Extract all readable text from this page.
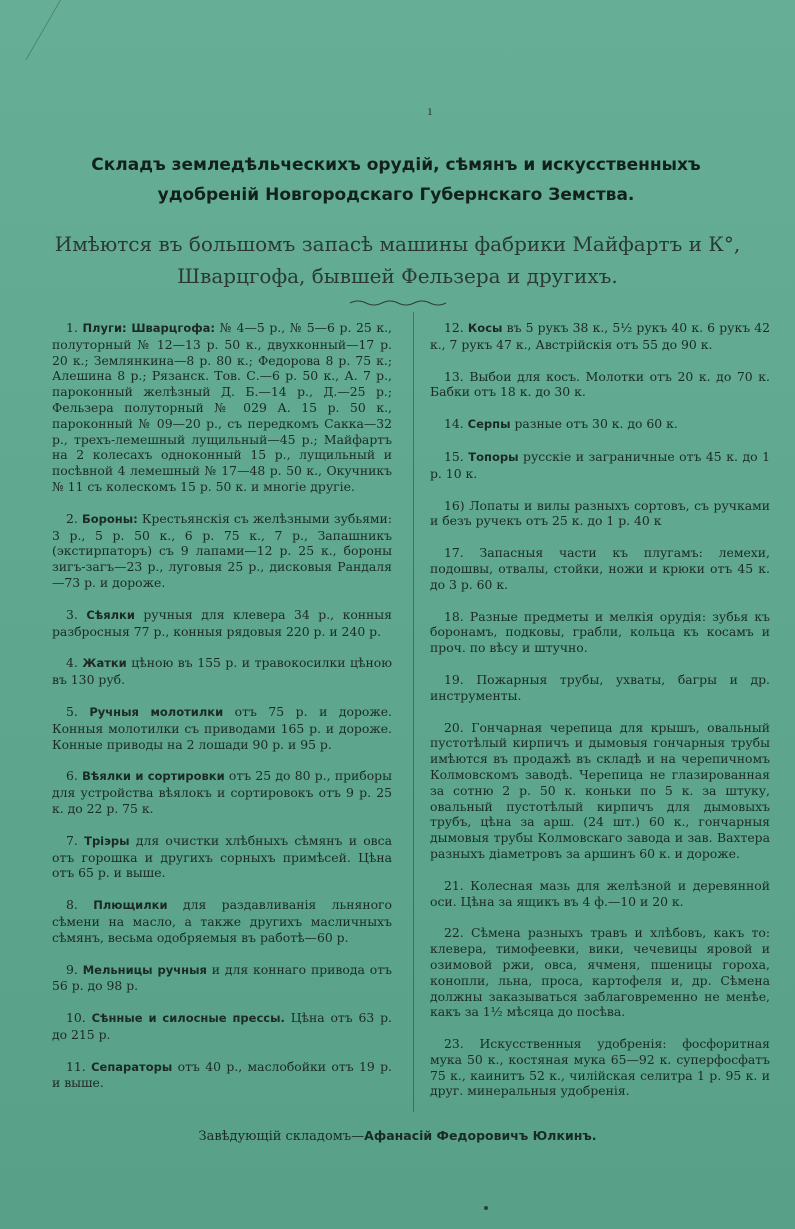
ı
Складъ земледѣльческихъ орудій, сѣмянъ и искусственныхъ удобреній Новгородскаго Губернскаго Земства.

Имѣются въ большомъ запасѣ машины фабрики Майфартъ и К°, Шварцгофа, бывшей Фельзера и другихъ.

1. Плуги: Шварцгофа: № 4—5 р., № 5—6 р. 25 к., полуторный № 12—13 р. 50 к., двухконный—17 р. 20 к.; Землянкина—8 р. 80 к.; Федорова 8 р. 75 к.; Алешина 8 р.; Рязанск. Тов. С.—6 р. 50 к., А. 7 р., пароконный желѣзный Д. Б.—14 р., Д.—25 р.; Фельзера полуторный № 029 А. 15 р. 50 к., пароконный № 09—20 р., съ передкомъ Сакка—32 р., трехъ-лемешный лущильный—45 р.; Майфартъ на 2 колесахъ одноконный 15 р., лущильный и посѣвной 4 лемешный № 17—48 р. 50 к., Окучникъ № 11 съ колескомъ 15 р. 50 к. и многіе другіе.

2. Бороны: Крестьянскія съ желѣзными зубьями: 3 р., 5 р. 50 к., 6 р. 75 к., 7 р., Запашникъ (экстирпаторъ) съ 9 лапами—12 р. 25 к., бороны зигъ-загъ—23 р., луговыя 25 р., дисковыя Рандаля—73 р. и дороже.

3. Сѣялки ручныя для клевера 34 р., конныя разбросныя 77 р., конныя рядовыя 220 р. и 240 р.

4. Жатки цѣною въ 155 р. и травокосилки цѣною въ 130 руб.

5. Ручныя молотилки отъ 75 р. и дороже. Конныя молотилки съ приводами 165 р. и дороже. Конные приводы на 2 лошади 90 р. и 95 р.

6. Вѣялки и сортировки отъ 25 до 80 р., приборы для устройства вѣялокъ и сортировокъ отъ 9 р. 25 к. до 22 р. 75 к.

7. Тріэры для очистки хлѣбныхъ сѣмянъ и овса отъ горошка и другихъ сорныхъ примѣсей. Цѣна отъ 65 р. и выше.

8. Плющилки для раздавливанія льняного сѣмени на масло, а также другихъ масличныхъ сѣмянъ, весьма одобряемыя въ работѣ—60 р.

9. Мельницы ручныя и для коннаго привода отъ 56 р. до 98 р.

10. Сѣнные и силосные прессы. Цѣна отъ 63 р. до 215 р.

11. Сепараторы отъ 40 р., маслобойки отъ 19 р. и выше.

12. Косы въ 5 рукъ 38 к., 5½ рукъ 40 к. 6 рукъ 42 к., 7 рукъ 47 к., Австрійскія отъ 55 до 90 к.

13. Выбои для косъ. Молотки отъ 20 к. до 70 к. Бабки отъ 18 к. до 30 к.

14. Серпы разные отъ 30 к. до 60 к.

15. Топоры русскіе и заграничные отъ 45 к. до 1 р. 10 к.

16) Лопаты и вилы разныхъ сортовъ, съ ручками и безъ ручекъ отъ 25 к. до 1 р. 40 к

17. Запасныя части къ плугамъ: лемехи, подошвы, отвалы, стойки, ножи и крюки отъ 45 к. до 3 р. 60 к.

18. Разные предметы и мелкія орудія: зубья къ боронамъ, подковы, грабли, кольца къ косамъ и проч. по вѣсу и штучно.

19. Пожарныя трубы, ухваты, багры и др. инструменты.

20. Гончарная черепица для крышъ, овальный пустотѣлый кирпичъ и дымовыя гончарныя трубы имѣются въ продажѣ въ складѣ и на черепичномъ Колмовскомъ заводѣ. Черепица не глазированная за сотню 2 р. 50 к. коньки по 5 к. за штуку, овальный пустотѣлый кирпичъ для дымовыхъ трубъ, цѣна за арш. (24 шт.) 60 к., гончарныя дымовыя трубы Колмовскаго завода и зав. Вахтера разныхъ діаметровъ за аршинъ 60 к. и дороже.

21. Колесная мазь для желѣзной и деревянной оси. Цѣна за ящикъ въ 4 ф.—10 и 20 к.

22. Сѣмена разныхъ травъ и хлѣбовъ, какъ то: клевера, тимофеевки, вики, чечевицы яровой и озимовой ржи, овса, ячменя, пшеницы гороха, конопли, льна, проса, картофеля и, др. Сѣмена должны заказываться заблаговременно не менѣе, какъ за 1½ мѣсяца до посѣва.

23. Искусственныя удобренія: фосфоритная мука 50 к., костяная мука 65—92 к. суперфосфатъ 75 к., каинитъ 52 к., чилійская селитра 1 р. 95 к. и друг. минеральныя удобренія.

Завѣдующій складомъ—Афанасій Федоровичъ Юлкинъ.
